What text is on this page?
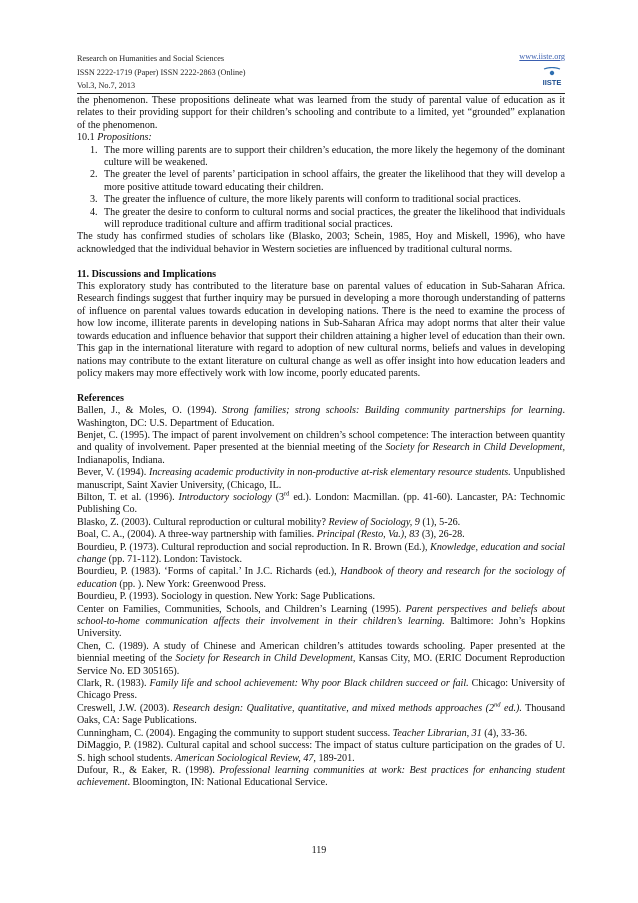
Research on Humanities and Social Sciences
ISSN 2222-1719 (Paper) ISSN 2222-2863 (Online)
Vol.3, No.7, 2013
www.iiste.org
IISTE

the phenomenon. These propositions delineate what was learned from the study of parental value of education as it relates to their providing support for their children’s schooling and contribute to a limited, yet “grounded” explanation of the phenomenon.

10.1 Propositions:

1. The more willing parents are to support their children’s education, the more likely the hegemony of the dominant culture will be weakened.
2. The greater the level of parents’ participation in school affairs, the greater the likelihood that they will develop a more positive attitude toward educating their children.
3. The greater the influence of culture, the more likely parents will conform to traditional social practices.
4. The greater the desire to conform to cultural norms and social practices, the greater the likelihood that individuals will reproduce traditional culture and affirm traditional social practices.

The study has confirmed studies of scholars like (Blasko, 2003; Schein, 1985, Hoy and Miskell, 1996), who have acknowledged that the individual behavior in Western societies are influenced by traditional cultural norms.

11. Discussions and Implications

This exploratory study has contributed to the literature base on parental values of education in Sub-Saharan Africa. Research findings suggest that further inquiry may be pursued in developing a more thorough understanding of patterns of influence on parental values towards education in developing nations. There is the need to examine the process of how low income, illiterate parents in developing nations in Sub-Saharan Africa may adopt norms that alter their value towards education and influence behavior that support their children attaining a higher level of education than their own. This gap in the international literature with regard to adoption of new cultural norms, beliefs and values in developing nations may contribute to the extant literature on cultural change as well as offer insight into how education leaders and policy makers may more effectively work with low income, poorly educated parents.

References

Ballen, J., & Moles, O. (1994). Strong families; strong schools: Building community partnerships for learning. Washington, DC: U.S. Department of Education.

Benjet, C. (1995). The impact of parent involvement on children’s school competence: The interaction between quantity and quality of involvement. Paper presented at the biennial meeting of the Society for Research in Child Development, Indianapolis, Indiana.

Bever, V. (1994). Increasing academic productivity in non-productive at-risk elementary resource students. Unpublished manuscript, Saint Xavier University, (Chicago, IL.

Bilton, T. et al. (1996). Introductory sociology (3rd ed.). London: Macmillan. (pp. 41-60). Lancaster, PA: Technomic Publishing Co.

Blasko, Z. (2003). Cultural reproduction or cultural mobility? Review of Sociology, 9 (1), 5-26.

Boal, C. A., (2004). A three-way partnership with families. Principal (Resto, Va.), 83 (3), 26-28.

Bourdieu, P. (1973). Cultural reproduction and social reproduction. In R. Brown (Ed.), Knowledge, education and social change (pp. 71-112). London: Tavistock.

Bourdieu, P. (1983). ‘Forms of capital.’ In J.C. Richards (ed.), Handbook of theory and research for the sociology of education (pp. ). New York: Greenwood Press.

Bourdieu, P. (1993). Sociology in question. New York: Sage Publications.

Center on Families, Communities, Schools, and Children’s Learning (1995). Parent perspectives and beliefs about school-to-home communication affects their involvement in their children’s learning. Baltimore: John’s Hopkins University.

Chen, C. (1989). A study of Chinese and American children’s attitudes towards schooling. Paper presented at the biennial meeting of the Society for Research in Child Development, Kansas City, MO. (ERIC Document Reproduction Service No. ED 305165).

Clark, R. (1983). Family life and school achievement: Why poor Black children succeed or fail. Chicago: University of Chicago Press.

Creswell, J.W. (2003). Research design: Qualitative, quantitative, and mixed methods approaches (2nd ed.). Thousand Oaks, CA: Sage Publications.

Cunningham, C. (2004). Engaging the community to support student success. Teacher Librarian, 31 (4), 33-36.

DiMaggio, P. (1982). Cultural capital and school success: The impact of status culture participation on the grades of U. S. high school students. American Sociological Review, 47, 189-201.

Dufour, R., & Eaker, R. (1998). Professional learning communities at work: Best practices for enhancing student achievement. Bloomington, IN: National Educational Service.

119
